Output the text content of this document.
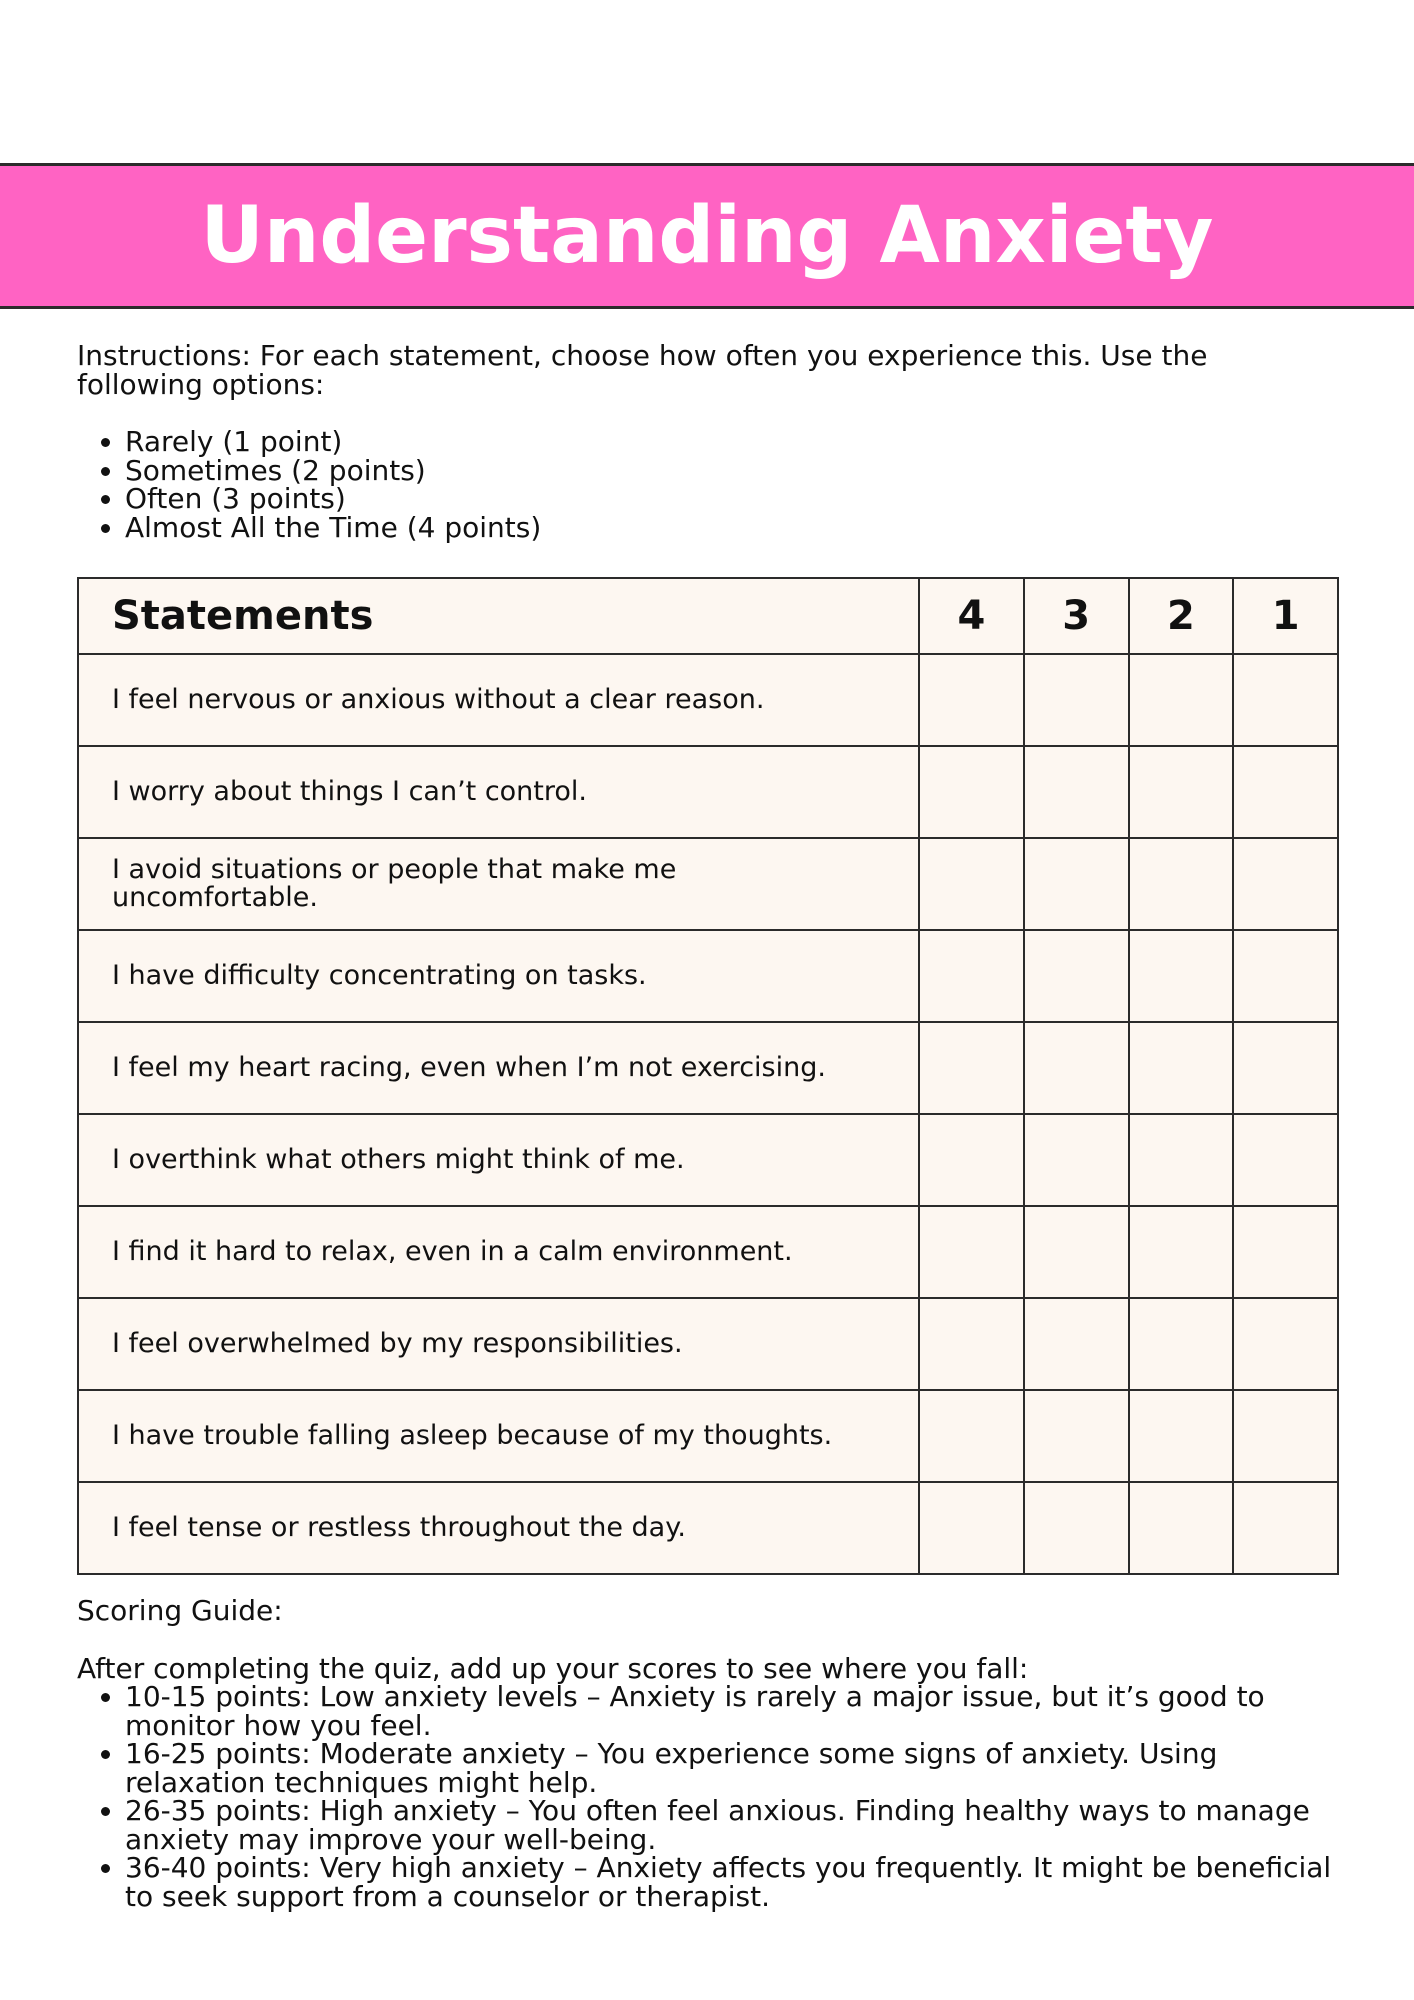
Understanding Anxiety

Instructions: For each statement, choose how often you experience this. Use the following options:

• Rarely (1 point)
• Sometimes (2 points)
• Often (3 points)
• Almost All the Time (4 points)
Statements	4	3	2	1
I feel nervous or anxious without a clear reason.				
I worry about things I can’t control.				
I avoid situations or people that make me uncomfortable.				
I have difficulty concentrating on tasks.				
I feel my heart racing, even when I’m not exercising.				
I overthink what others might think of me.				
I find it hard to relax, even in a calm environment.				
I feel overwhelmed by my responsibilities.				
I have trouble falling asleep because of my thoughts.				
I feel tense or restless throughout the day.				

Scoring Guide:

After completing the quiz, add up your scores to see where you fall:

• 10-15 points: Low anxiety levels – Anxiety is rarely a major issue, but it’s good to monitor how you feel.
• 16-25 points: Moderate anxiety – You experience some signs of anxiety. Using relaxation techniques might help.
• 26-35 points: High anxiety – You often feel anxious. Finding healthy ways to manage anxiety may improve your well-being.
• 36-40 points: Very high anxiety – Anxiety affects you frequently. It might be beneficial to seek support from a counselor or therapist.
